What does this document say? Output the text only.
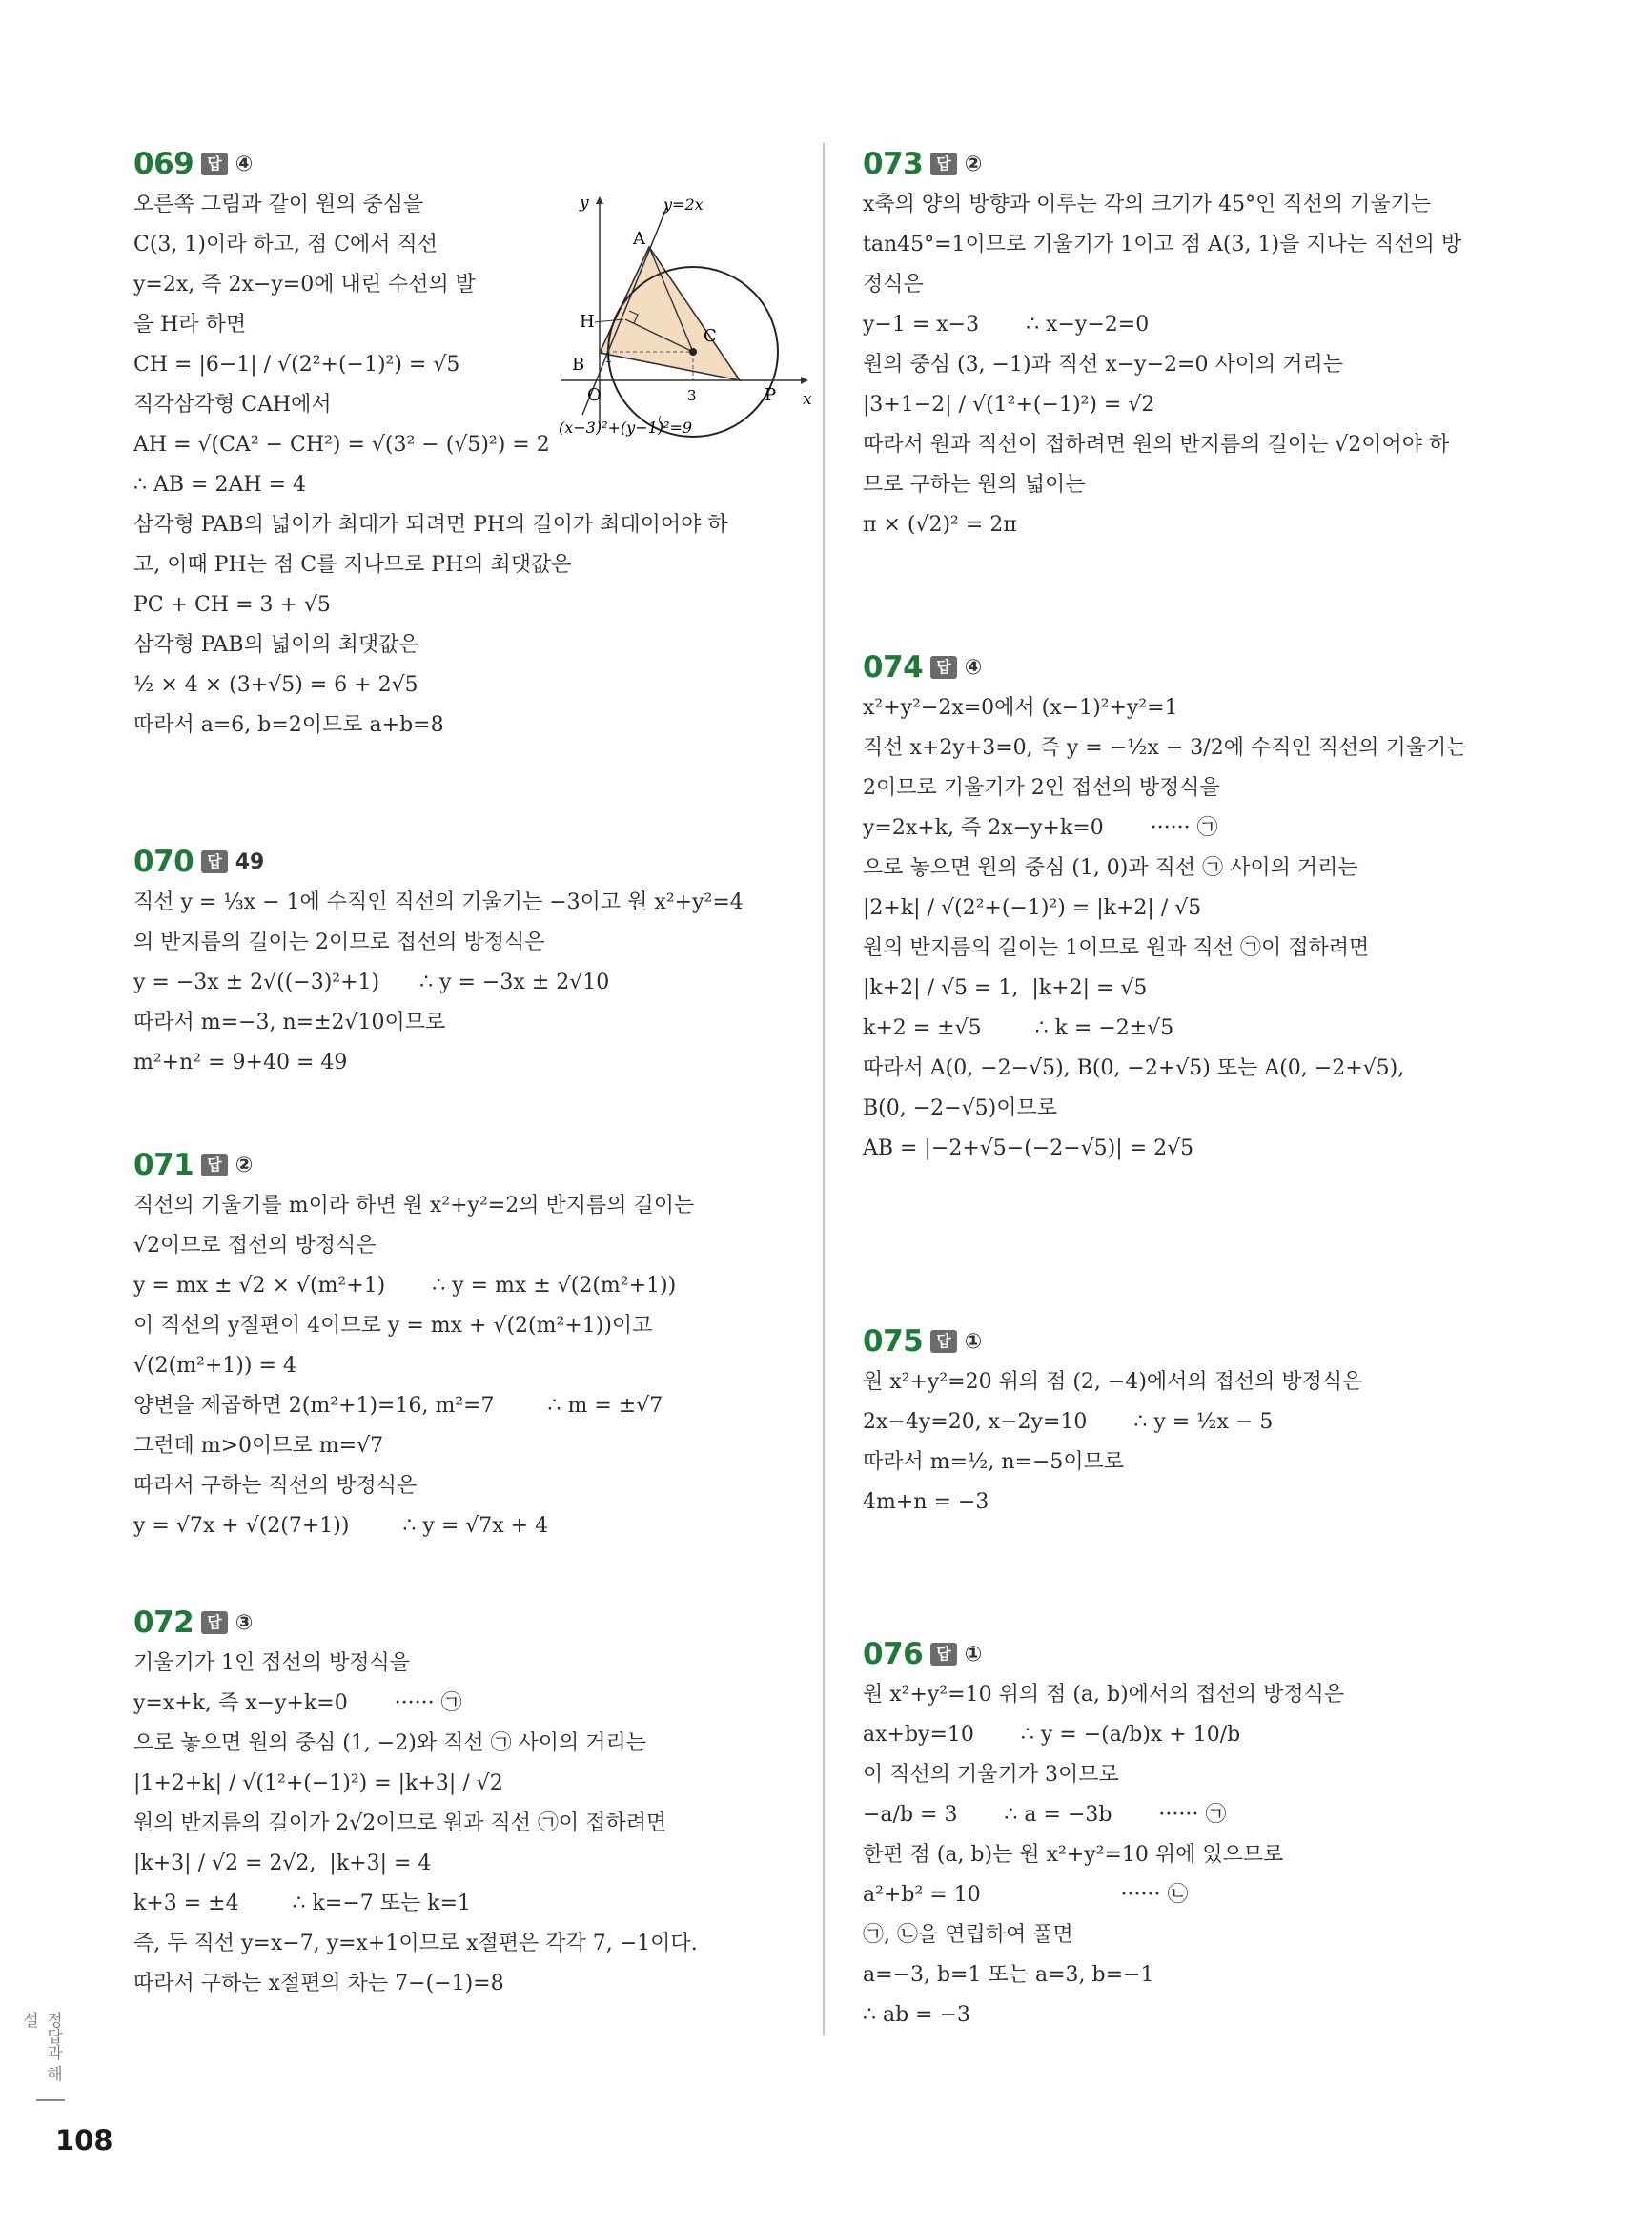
069 답 ④
오른쪽 그림과 같이 원의 중심을
C(3, 1)이라 하고, 점 C에서 직선
y=2x, 즉 2x−y=0에 내린 수선의 발
을 H라 하면
CH = |6−1| / √(2²+(−1)²) = √5
직각삼각형 CAH에서
AH = √(CA² − CH²) = √(3² − (√5)²) = 2
∴ AB = 2AH = 4
삼각형 PAB의 넓이가 최대가 되려면 PH의 길이가 최대이어야 하
고, 이때 PH는 점 C를 지나므로 PH의 최댓값은
PC + CH = 3 + √5
삼각형 PAB의 넓이의 최댓값은
½ × 4 × (3+√5) = 6 + 2√5
따라서 a=6, b=2이므로 a+b=8
y
x
y=2x
A
H
C
B 1
O	3	P
(x−3)²+(y−1)²=9
070 답 49
직선 y = ⅓x − 1에 수직인 직선의 기울기는 −3이고 원 x²+y²=4
의 반지름의 길이는 2이므로 접선의 방정식은
y = −3x ± 2√((−3)²+1)      ∴ y = −3x ± 2√10
따라서 m=−3, n=±2√10이므로
m²+n² = 9+40 = 49
071 답 ②
직선의 기울기를 m이라 하면 원 x²+y²=2의 반지름의 길이는
√2이므로 접선의 방정식은
y = mx ± √2 × √(m²+1)       ∴ y = mx ± √(2(m²+1))
이 직선의 y절편이 4이므로 y = mx + √(2(m²+1))이고
√(2(m²+1)) = 4
양변을 제곱하면 2(m²+1)=16, m²=7        ∴ m = ±√7
그런데 m>0이므로 m=√7
따라서 구하는 직선의 방정식은
y = √7x + √(2(7+1))        ∴ y = √7x + 4
072 답 ③
기울기가 1인 접선의 방정식을
y=x+k, 즉 x−y+k=0       ······ ㉠
으로 놓으면 원의 중심 (1, −2)와 직선 ㉠ 사이의 거리는
|1+2+k| / √(1²+(−1)²) = |k+3| / √2
원의 반지름의 길이가 2√2이므로 원과 직선 ㉠이 접하려면
|k+3| / √2 = 2√2,  |k+3| = 4
k+3 = ±4        ∴ k=−7 또는 k=1
즉, 두 직선 y=x−7, y=x+1이므로 x절편은 각각 7, −1이다.
따라서 구하는 x절편의 차는 7−(−1)=8
073 답 ②
x축의 양의 방향과 이루는 각의 크기가 45°인 직선의 기울기는
tan45°=1이므로 기울기가 1이고 점 A(3, 1)을 지나는 직선의 방
정식은
y−1 = x−3       ∴ x−y−2=0
원의 중심 (3, −1)과 직선 x−y−2=0 사이의 거리는
|3+1−2| / √(1²+(−1)²) = √2
따라서 원과 직선이 접하려면 원의 반지름의 길이는 √2이어야 하
므로 구하는 원의 넓이는
π × (√2)² = 2π
074 답 ④
x²+y²−2x=0에서 (x−1)²+y²=1
직선 x+2y+3=0, 즉 y = −½x − 3/2에 수직인 직선의 기울기는
2이므로 기울기가 2인 접선의 방정식을
y=2x+k, 즉 2x−y+k=0       ······ ㉠
으로 놓으면 원의 중심 (1, 0)과 직선 ㉠ 사이의 거리는
|2+k| / √(2²+(−1)²) = |k+2| / √5
원의 반지름의 길이는 1이므로 원과 직선 ㉠이 접하려면
|k+2| / √5 = 1,  |k+2| = √5
k+2 = ±√5        ∴ k = −2±√5
따라서 A(0, −2−√5), B(0, −2+√5) 또는 A(0, −2+√5),
B(0, −2−√5)이므로
AB = |−2+√5−(−2−√5)| = 2√5
075 답 ①
원 x²+y²=20 위의 점 (2, −4)에서의 접선의 방정식은
2x−4y=20, x−2y=10       ∴ y = ½x − 5
따라서 m=½, n=−5이므로
4m+n = −3
076 답 ①
원 x²+y²=10 위의 점 (a, b)에서의 접선의 방정식은
ax+by=10       ∴ y = −(a/b)x + 10/b
이 직선의 기울기가 3이므로
−a/b = 3       ∴ a = −3b       ······ ㉠
한편 점 (a, b)는 원 x²+y²=10 위에 있으므로
a²+b² = 10                     ······ ㉡
㉠, ㉡을 연립하여 풀면
a=−3, b=1 또는 a=3, b=−1
∴ ab = −3
정답과 해설
108
